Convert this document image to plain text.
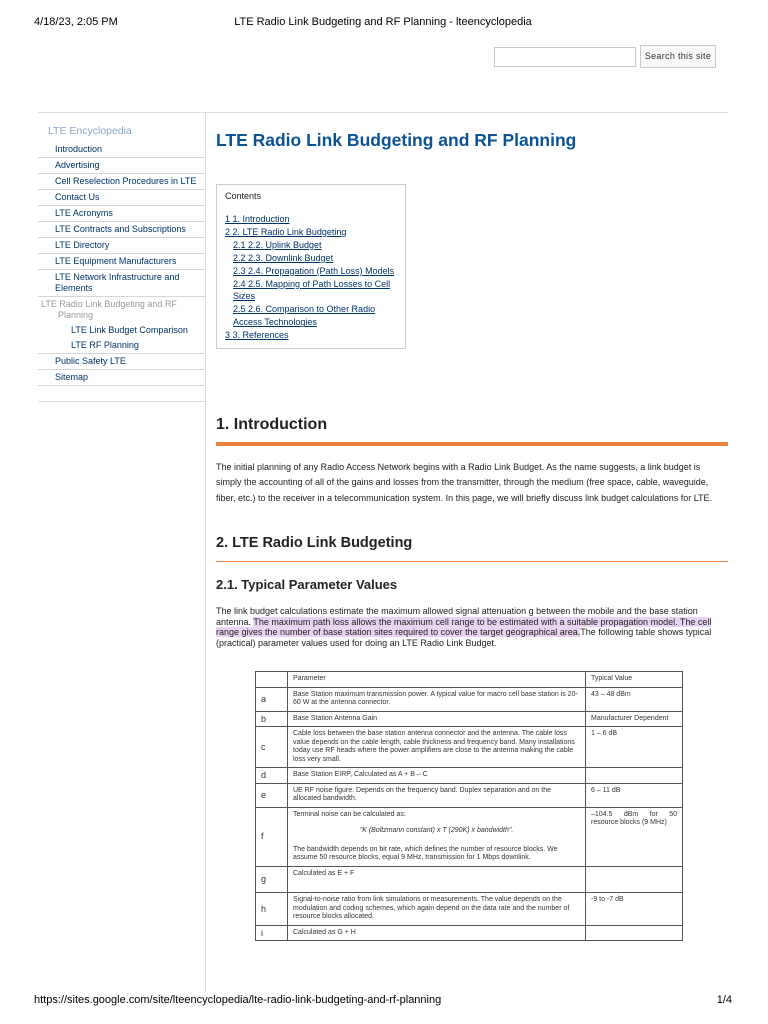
4/18/23, 2:05 PM	LTE Radio Link Budgeting and RF Planning - lteencyclopedia
Search this site
LTE Encyclopedia
Introduction
Advertising
Cell Reselection Procedures in LTE
Contact Us
LTE Acronyms
LTE Contracts and Subscriptions
LTE Directory
LTE Equipment Manufacturers
LTE Network Infrastructure and Elements
LTE Radio Link Budgeting and RF Planning
LTE Link Budget Comparison
LTE RF Planning
Public Safety LTE
Sitemap
LTE Radio Link Budgeting and RF Planning
Contents
1 1. Introduction
2 2. LTE Radio Link Budgeting
2.1 2.2. Uplink Budget
2.2 2.3. Downlink Budget
2.3 2.4. Propagation (Path Loss) Models
2.4 2.5. Mapping of Path Losses to Cell Sizes
2.5 2.6. Comparison to Other Radio Access Technologies
3 3. References
1. Introduction

The initial planning of any Radio Access Network begins with a Radio Link Budget. As the name suggests, a link budget is simply the accounting of all of the gains and losses from the transmitter, through the medium (free space, cable, waveguide, fiber, etc.) to the receiver in a telecommunication system. In this page, we will briefly discuss link budget calculations for LTE.

2. LTE Radio Link Budgeting
2.1. Typical Parameter Values

The link budget calculations estimate the maximum allowed signal attenuation g between the mobile and the base station antenna. The maximum path loss allows the maximum cell range to be estimated with a suitable propagation model. The cell range gives the number of base station sites required to cover the target geographical area.The following table shows typical (practical) parameter values used for doing an LTE Radio Link Budget.

	Parameter	Typical Value
a	Base Station maximum transmission power. A typical value for macro cell base station is 20-60 W at the antenna connector.	43 – 48 dBm
b	Base Station Antenna Gain	Manufacturer Dependent
c	Cable loss between the base station antenna connector and the antenna. The cable loss value depends on the cable length, cable thickness and frequency band. Many installations today use RF heads where the power amplifiers are close to the antenna making the cable loss very small.	1 – 6 dB
d	Base Station EIRP, Calculated as A + B – C	
e	UE RF noise figure. Depends on the frequency band. Duplex separation and on the allocated bandwidth.	6 – 11 dB
f	Terminal noise can be calculated as:
"K (Boltzmann constant) x T (290K) x bandwidth".
The bandwidth depends on bit rate, which defines the number of resource blocks. We assume 50 resource blocks, equal 9 MHz, transmission for 1 Mbps downlink.	–104.5 dBm for 50 resource blocks (9 MHz)
g	Calculated as E + F	
h	Signal-to-noise ratio from link simulations or measurements. The value depends on the modulation and coding schemes, which again depend on the data rate and the number of resource blocks allocated.	-9 to -7 dB
i	Calculated as G + H	
https://sites.google.com/site/lteencyclopedia/lte-radio-link-budgeting-and-rf-planning	1/4
